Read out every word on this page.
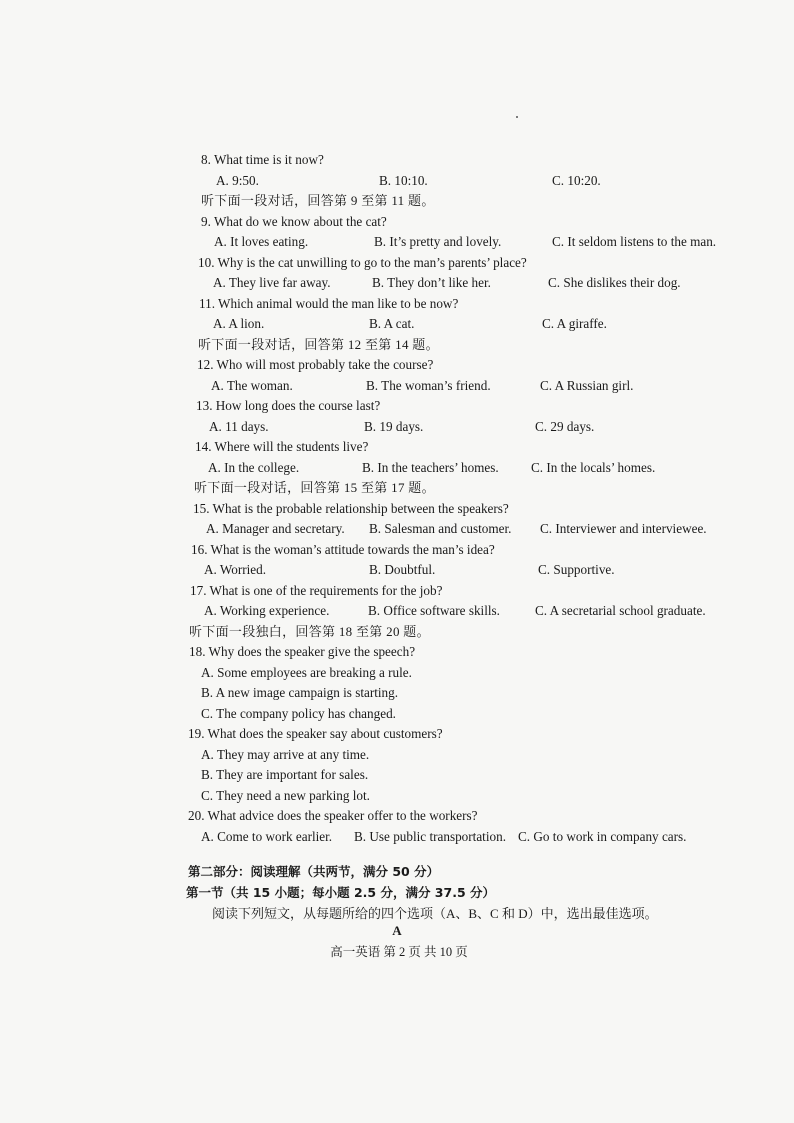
8. What time is it now?
A. 9:50.	B. 10:10.	C. 10:20.
听下面一段对话，回答第 9 至第 11 题。
9. What do we know about the cat?
A. It loves eating.	B. It’s pretty and lovely.	C. It seldom listens to the man.
10. Why is the cat unwilling to go to the man’s parents’ place?
A. They live far away.	B. They don’t like her.	C. She dislikes their dog.
11. Which animal would the man like to be now?
A. A lion.	B. A cat.	C. A giraffe.
听下面一段对话，回答第 12 至第 14 题。
12. Who will most probably take the course?
A. The woman.	B. The woman’s friend.	C. A Russian girl.
13. How long does the course last?
A. 11 days.	B. 19 days.	C. 29 days.
14. Where will the students live?
A. In the college.	B. In the teachers’ homes. C. In the locals’ homes.
听下面一段对话，回答第 15 至第 17 题。
15. What is the probable relationship between the speakers?
A. Manager and secretary. B. Salesman and customer. C. Interviewer and interviewee.
16. What is the woman’s attitude towards the man’s idea?
A. Worried.	B. Doubtful.	C. Supportive.
17. What is one of the requirements for the job?
A. Working experience.	B. Office software skills.	C. A secretarial school graduate.
听下面一段独白，回答第 18 至第 20 题。
18. Why does the speaker give the speech?
A. Some employees are breaking a rule.
B. A new image campaign is starting.
C. The company policy has changed.
19. What does the speaker say about customers?
A. They may arrive at any time.
B. They are important for sales.
C. They need a new parking lot.
20. What advice does the speaker offer to the workers?
A. Come to work earlier. B. Use public transportation. C. Go to work in company cars.
第二部分：阅读理解（共两节，满分 50 分）
第一节（共 15 小题；每小题 2.5 分，满分 37.5 分）
阅读下列短文，从每题所给的四个选项（A、B、C 和 D）中，选出最佳选项。
A
高一英语 第 2 页 共 10 页
